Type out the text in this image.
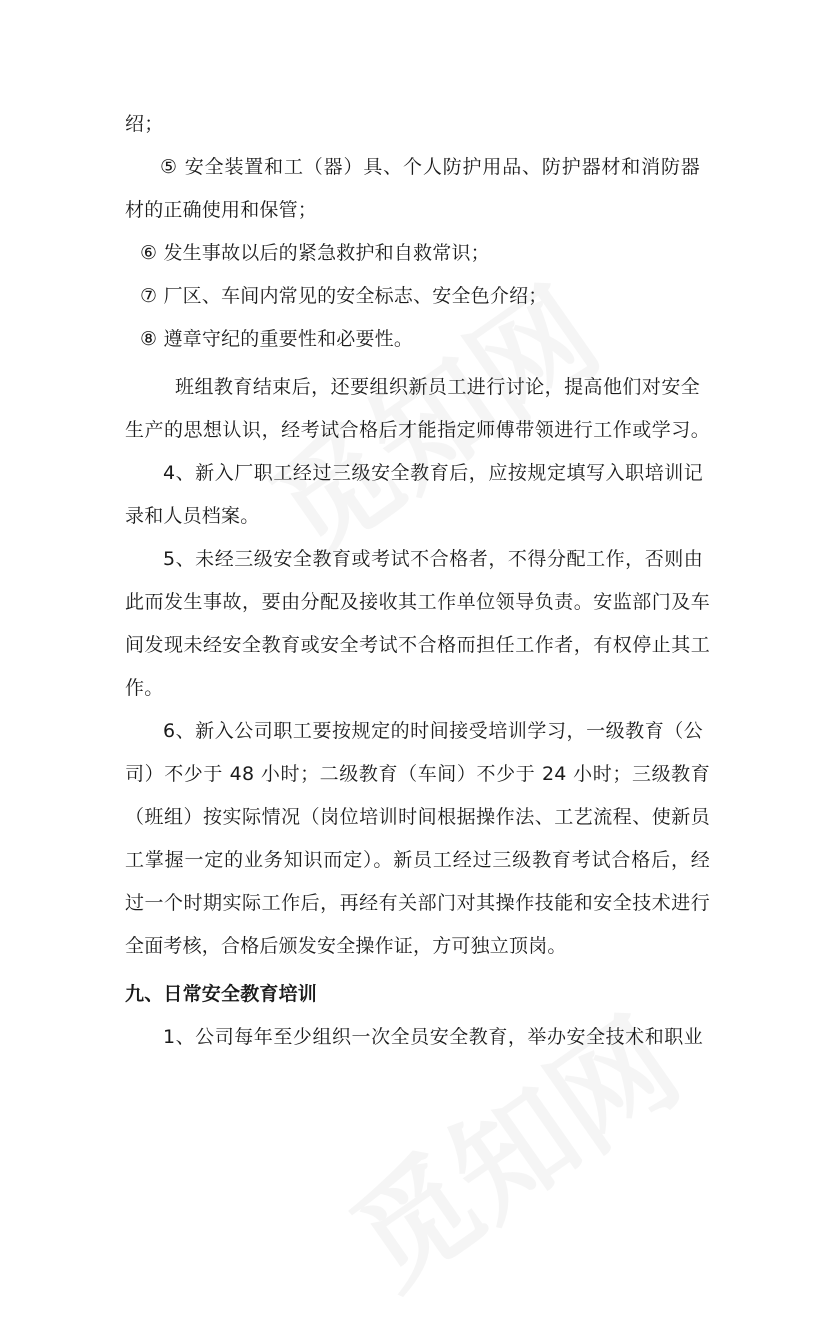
绍；
⑤ 安全装置和工（器）具、个人防护用品、防护器材和消防器
材的正确使用和保管；
⑥ 发生事故以后的紧急救护和自救常识；
⑦ 厂区、车间内常见的安全标志、安全色介绍；
⑧ 遵章守纪的重要性和必要性。
班组教育结束后，还要组织新员工进行讨论，提高他们对安全
生产的思想认识，经考试合格后才能指定师傅带领进行工作或学习。
4、新入厂职工经过三级安全教育后，应按规定填写入职培训记
录和人员档案。
5、未经三级安全教育或考试不合格者，不得分配工作，否则由
此而发生事故，要由分配及接收其工作单位领导负责。安监部门及车
间发现未经安全教育或安全考试不合格而担任工作者，有权停止其工
作。
6、新入公司职工要按规定的时间接受培训学习，一级教育（公
司）不少于 48 小时；二级教育（车间）不少于 24 小时；三级教育
（班组）按实际情况（岗位培训时间根据操作法、工艺流程、使新员
工掌握一定的业务知识而定）。新员工经过三级教育考试合格后，经
过一个时期实际工作后，再经有关部门对其操作技能和安全技术进行
全面考核，合格后颁发安全操作证，方可独立顶岗。
九、日常安全教育培训
1、公司每年至少组织一次全员安全教育，举办安全技术和职业
